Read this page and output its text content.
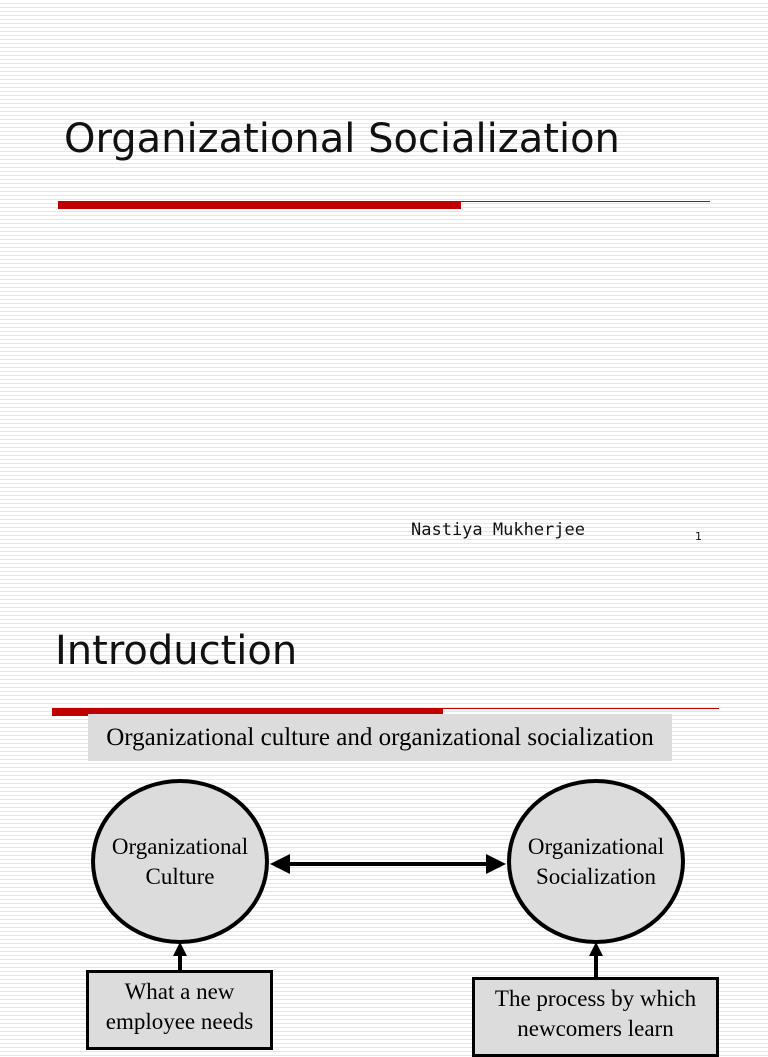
Organizational Socialization
Nastiya Mukherjee	1
Introduction
Organizational culture and organizational socialization
Organizational
Culture
Organizational
Socialization
What a new
employee needs
The process by which
newcomers learn
